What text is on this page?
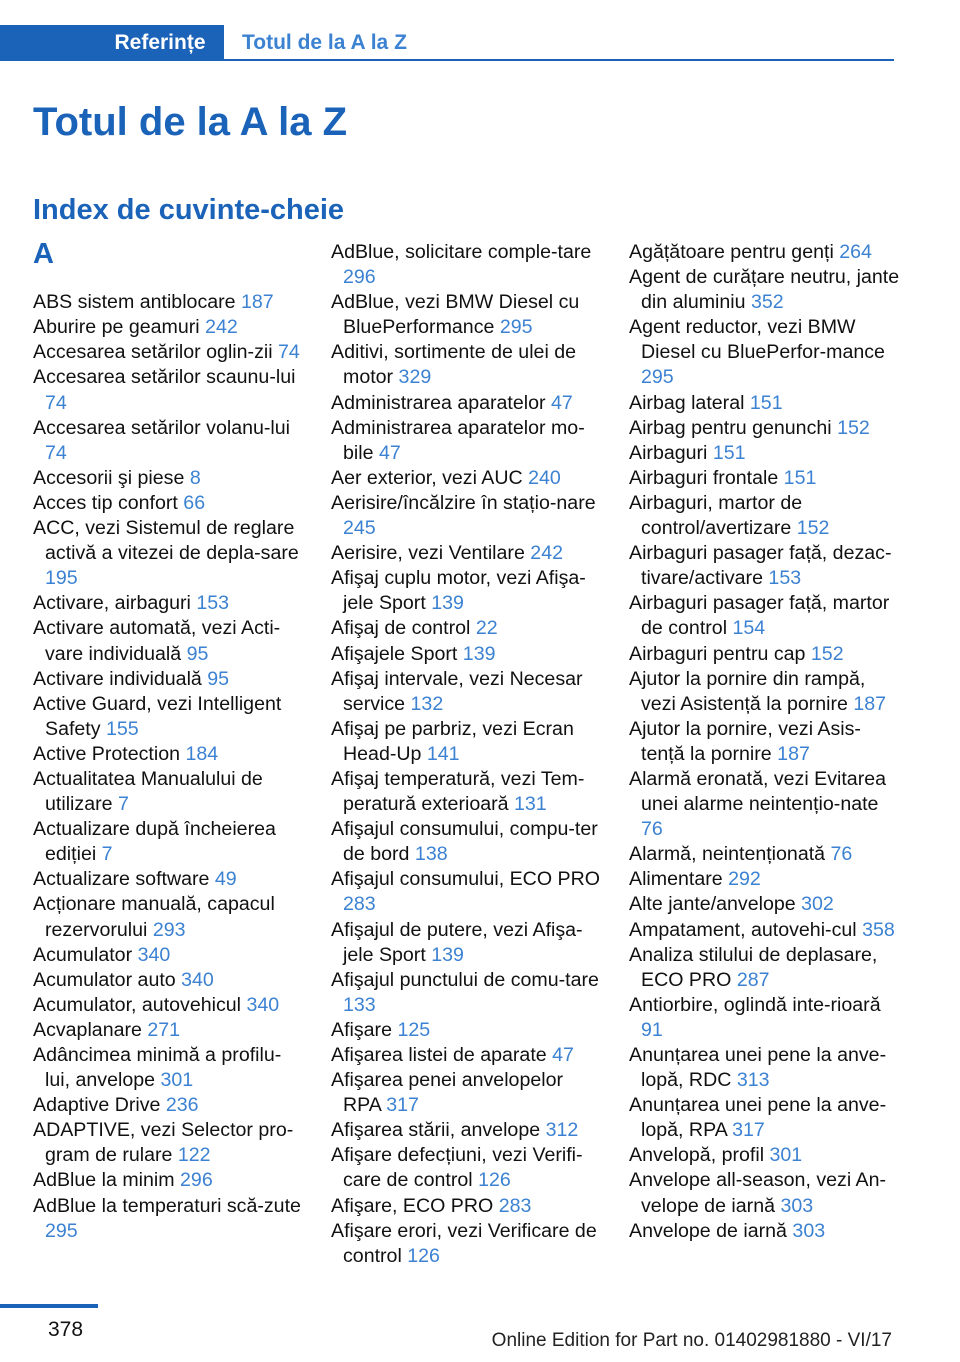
Referințe	Totul de la A la Z
Totul de la A la Z
Index de cuvinte-cheie
A
ABS sistem antiblocare 187
Aburire pe geamuri 242
Accesarea setărilor oglin-zii 74
Accesarea setărilor scaunu-lui 74
Accesarea setărilor volanu-lui 74
Accesorii şi piese 8
Acces tip confort 66
ACC, vezi Sistemul de reglare activă a vitezei de depla-sare 195
Activare, airbaguri 153
Activare automată, vezi Acti-vare individuală 95
Activare individuală 95
Active Guard, vezi Intelligent Safety 155
Active Protection 184
Actualitatea Manualului de utilizare 7
Actualizare după încheierea ediției 7
Actualizare software 49
Acționare manuală, capacul rezervorului 293
Acumulator 340
Acumulator auto 340
Acumulator, autovehicul 340
Acvaplanare 271
Adâncimea minimă a profilu-lui, anvelope 301
Adaptive Drive 236
ADAPTIVE, vezi Selector pro-gram de rulare 122
AdBlue la minim 296
AdBlue la temperaturi scă-zute 295
AdBlue, solicitare comple-tare 296
AdBlue, vezi BMW Diesel cu BluePerformance 295
Aditivi, sortimente de ulei de motor 329
Administrarea aparatelor 47
Administrarea aparatelor mo-bile 47
Aer exterior, vezi AUC 240
Aerisire/încălzire în stațio-nare 245
Aerisire, vezi Ventilare 242
Afişaj cuplu motor, vezi Afişa-jele Sport 139
Afişaj de control 22
Afişajele Sport 139
Afişaj intervale, vezi Necesar service 132
Afişaj pe parbriz, vezi Ecran Head-Up 141
Afişaj temperatură, vezi Tem-peratură exterioară 131
Afişajul consumului, compu-ter de bord 138
Afişajul consumului, ECO PRO 283
Afişajul de putere, vezi Afişa-jele Sport 139
Afişajul punctului de comu-tare 133
Afişare 125
Afişarea listei de aparate 47
Afişarea penei anvelopelor RPA 317
Afişarea stării, anvelope 312
Afişare defecțiuni, vezi Verifi-care de control 126
Afişare, ECO PRO 283
Afişare erori, vezi Verificare de control 126
Agățătoare pentru genți 264
Agent de curățare neutru, jante din aluminiu 352
Agent reductor, vezi BMW Diesel cu BluePerfor-mance 295
Airbag lateral 151
Airbag pentru genunchi 152
Airbaguri 151
Airbaguri frontale 151
Airbaguri, martor de control/avertizare 152
Airbaguri pasager față, dezac-tivare/activare 153
Airbaguri pasager față, martor de control 154
Airbaguri pentru cap 152
Ajutor la pornire din rampă, vezi Asistență la pornire 187
Ajutor la pornire, vezi Asis-tență la pornire 187
Alarmă eronată, vezi Evitarea unei alarme neintențio-nate 76
Alarmă, neintenționată 76
Alimentare 292
Alte jante/anvelope 302
Ampatament, autovehi-cul 358
Analiza stilului de deplasare, ECO PRO 287
Antiorbire, oglindă inte-rioară 91
Anunțarea unei pene la anve-lopă, RDC 313
Anunțarea unei pene la anve-lopă, RPA 317
Anvelopă, profil 301
Anvelope all-season, vezi An-velope de iarnă 303
Anvelope de iarnă 303
378	Online Edition for Part no. 01402981880 - VI/17
